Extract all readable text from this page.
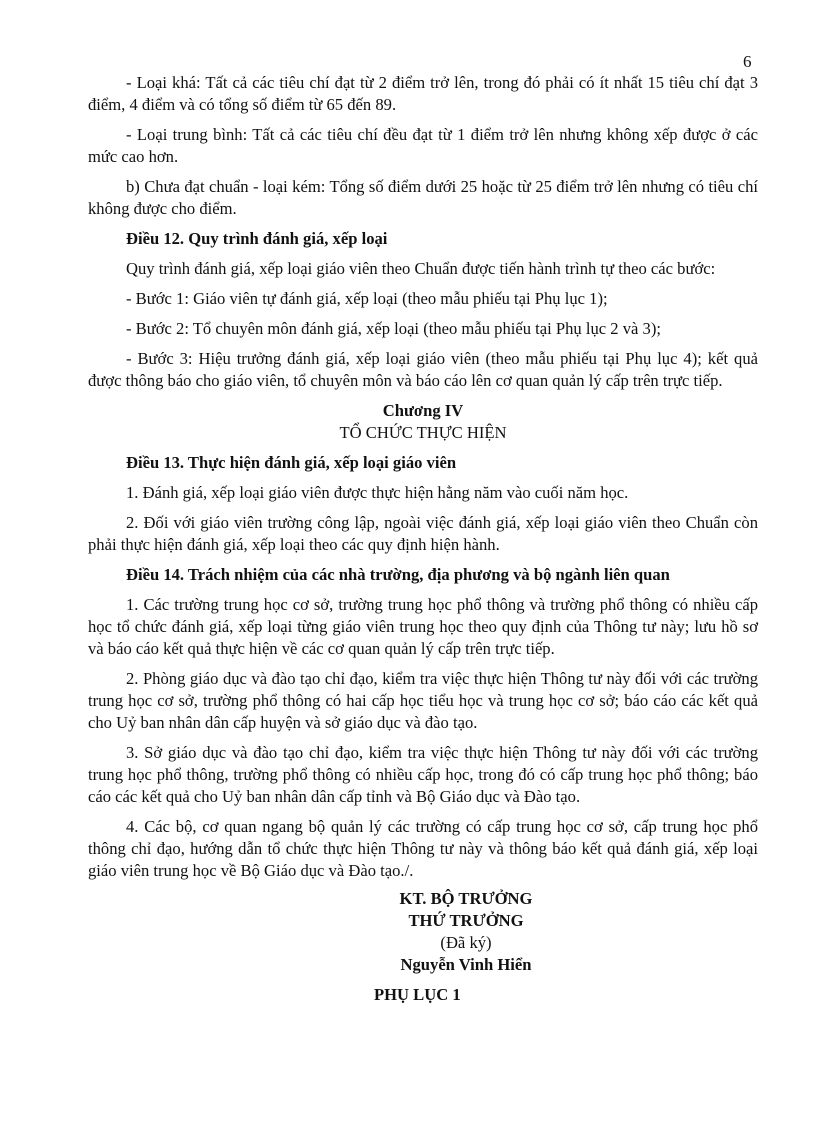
6

- Loại khá: Tất cả các tiêu chí đạt từ 2 điểm trở lên, trong đó phải có ít nhất 15 tiêu chí đạt 3 điểm, 4 điểm và có tổng số điểm từ 65 đến 89.

- Loại trung bình: Tất cả các tiêu chí đều đạt từ 1 điểm trở lên nhưng không xếp được ở các mức cao hơn.

b) Chưa đạt chuẩn - loại kém: Tổng số điểm dưới 25 hoặc từ 25 điểm trở lên nhưng có tiêu chí không được cho điểm.

Điều 12. Quy trình đánh giá, xếp loại

Quy trình đánh giá, xếp loại giáo viên theo Chuẩn được tiến hành trình tự theo các bước:

- Bước 1: Giáo viên tự đánh giá, xếp loại (theo mẫu phiếu tại Phụ lục 1);

- Bước 2: Tổ chuyên môn đánh giá, xếp loại (theo mẫu phiếu tại Phụ lục 2 và 3);

- Bước 3: Hiệu trưởng đánh giá, xếp loại giáo viên (theo mẫu phiếu tại Phụ lục 4); kết quả được thông báo cho giáo viên, tổ chuyên môn và báo cáo lên cơ quan quản lý cấp trên trực tiếp.

Chương IV
TỔ CHỨC THỰC HIỆN

Điều 13. Thực hiện đánh giá, xếp loại giáo viên

1. Đánh giá, xếp loại giáo viên được thực hiện hằng năm vào cuối năm học.

2. Đối với giáo viên trường công lập, ngoài việc đánh giá, xếp loại giáo viên theo Chuẩn còn phải thực hiện đánh giá, xếp loại theo các quy định hiện hành.

Điều 14. Trách nhiệm của các nhà trường, địa phương và bộ ngành liên quan

1. Các trường trung học cơ sở, trường trung học phổ thông và trường phổ thông có nhiều cấp học tổ chức đánh giá, xếp loại từng giáo viên trung học theo quy định của Thông tư này; lưu hồ sơ và báo cáo kết quả thực hiện về các cơ quan quản lý cấp trên trực tiếp.

2. Phòng giáo dục và đào tạo chỉ đạo, kiểm tra việc thực hiện Thông tư này đối với các trường trung học cơ sở, trường phổ thông có hai cấp học tiểu học và trung học cơ sở; báo cáo các kết quả cho Uỷ ban nhân dân cấp huyện và sở giáo dục và đào tạo.

3. Sở giáo dục và đào tạo chỉ đạo, kiểm tra việc thực hiện Thông tư này đối với các trường trung học phổ thông, trường phổ thông có nhiều cấp học, trong đó có cấp trung học phổ thông; báo cáo các kết quả cho Uỷ ban nhân dân cấp tỉnh và Bộ Giáo dục và Đào tạo.

4. Các bộ, cơ quan ngang bộ quản lý các trường có cấp trung học cơ sở, cấp trung học phổ thông chỉ đạo, hướng dẫn tổ chức thực hiện Thông tư này và thông báo kết quả đánh giá, xếp loại giáo viên trung học về Bộ Giáo dục và Đào tạo./.

KT. BỘ TRƯỞNG
THỨ TRƯỞNG
(Đã ký)
Nguyễn Vinh Hiển
PHỤ LỤC 1
